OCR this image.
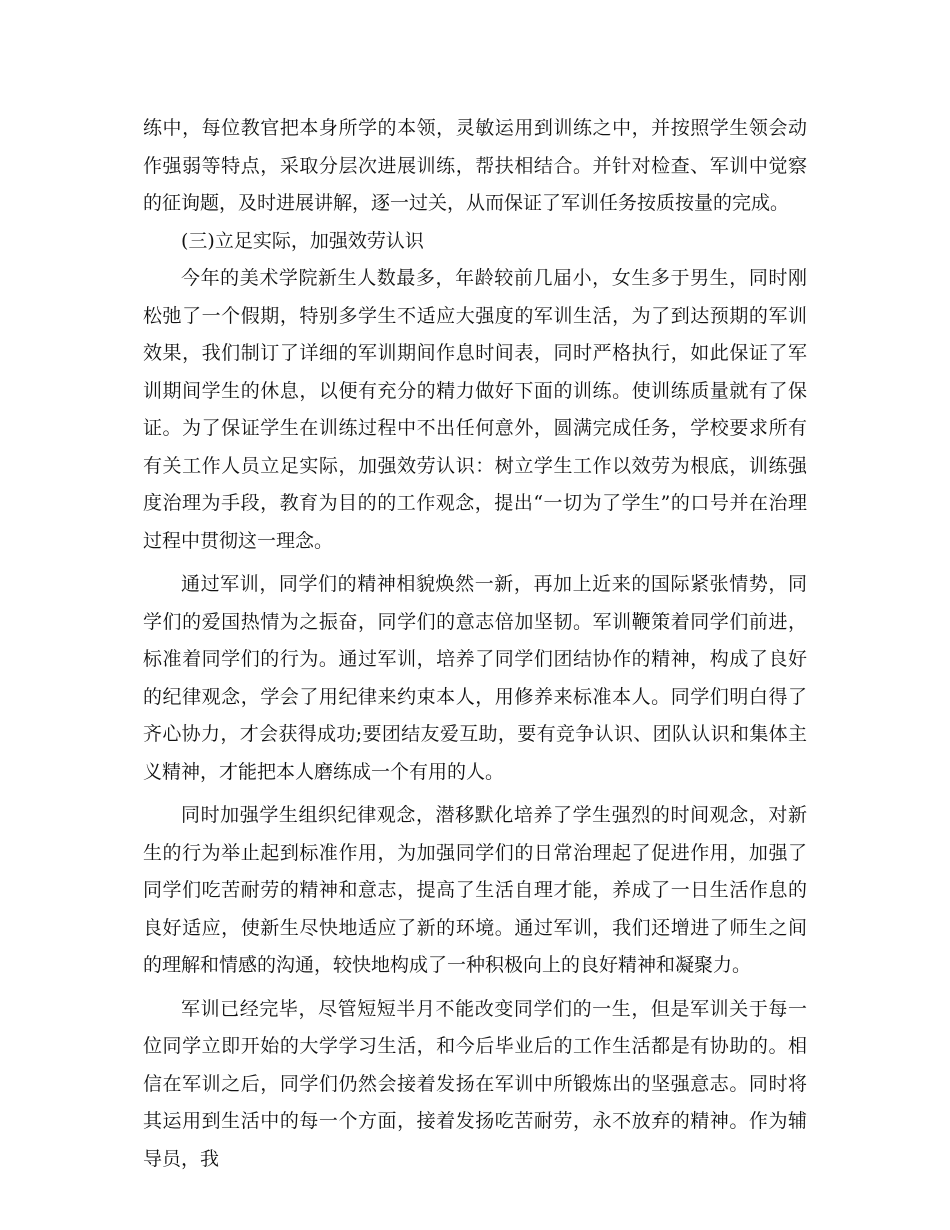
练中，每位教官把本身所学的本领，灵敏运用到训练之中，并按照学生领会动作强弱等特点，采取分层次进展训练，帮扶相结合。并针对检查、军训中觉察的征询题，及时进展讲解，逐一过关，从而保证了军训任务按质按量的完成。

(三)立足实际，加强效劳认识

今年的美术学院新生人数最多，年龄较前几届小，女生多于男生，同时刚松弛了一个假期，特别多学生不适应大强度的军训生活，为了到达预期的军训效果，我们制订了详细的军训期间作息时间表，同时严格执行，如此保证了军训期间学生的休息，以便有充分的精力做好下面的训练。使训练质量就有了保证。为了保证学生在训练过程中不出任何意外，圆满完成任务，学校要求所有有关工作人员立足实际，加强效劳认识：树立学生工作以效劳为根底，训练强度治理为手段，教育为目的的工作观念，提出“一切为了学生”的口号并在治理过程中贯彻这一理念。

通过军训，同学们的精神相貌焕然一新，再加上近来的国际紧张情势，同学们的爱国热情为之振奋，同学们的意志倍加坚韧。军训鞭策着同学们前进，标准着同学们的行为。通过军训，培养了同学们团结协作的精神，构成了良好的纪律观念，学会了用纪律来约束本人，用修养来标准本人。同学们明白得了齐心协力，才会获得成功;要团结友爱互助，要有竞争认识、团队认识和集体主义精神，才能把本人磨练成一个有用的人。

同时加强学生组织纪律观念，潜移默化培养了学生强烈的时间观念，对新生的行为举止起到标准作用，为加强同学们的日常治理起了促进作用，加强了同学们吃苦耐劳的精神和意志，提高了生活自理才能，养成了一日生活作息的良好适应，使新生尽快地适应了新的环境。通过军训，我们还增进了师生之间的理解和情感的沟通，较快地构成了一种积极向上的良好精神和凝聚力。

军训已经完毕，尽管短短半月不能改变同学们的一生，但是军训关于每一位同学立即开始的大学学习生活，和今后毕业后的工作生活都是有协助的。相信在军训之后，同学们仍然会接着发扬在军训中所锻炼出的坚强意志。同时将其运用到生活中的每一个方面，接着发扬吃苦耐劳，永不放弃的精神。作为辅导员，我
